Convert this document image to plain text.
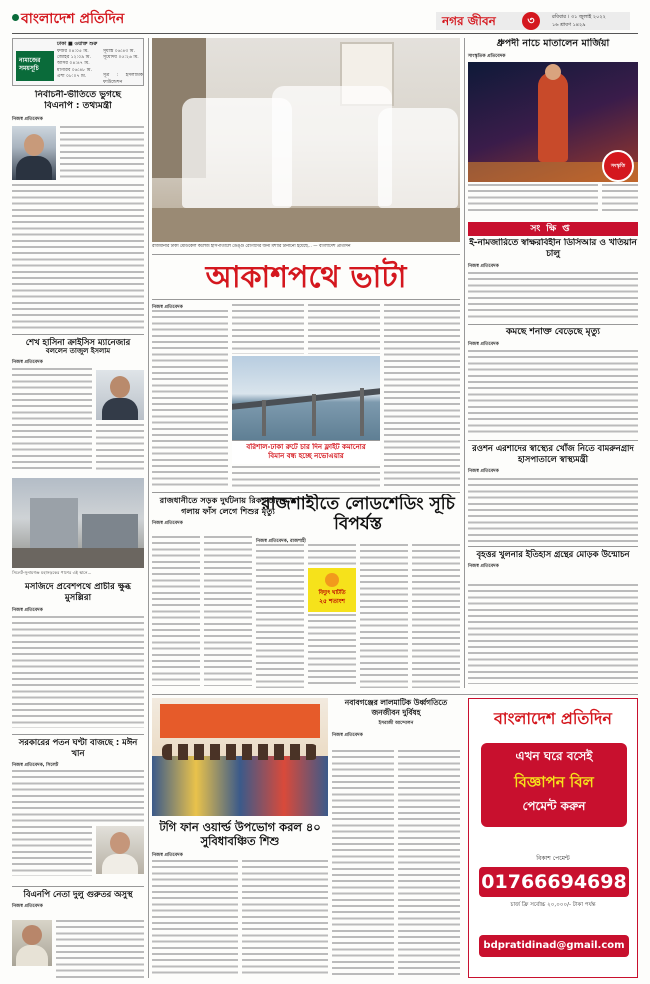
বাংলাদেশ প্রতিদিন	নগর জীবন	৩	রবিবার । ৩১ জুলাই ২০২২
১৬ শ্রাবণ ১৪২৯
ঢাকা ■ ওয়াক্ত শুরু
নামাজের সময়সূচি
ফজর ০৪:০৫ মি.
জোহর ১২:০৯ মি.
আসর ০৪:৪৭ মি.
মাগরিব ০৬:৪৮ মি.
এশা ০৮:০৭ মি.
সূর্যাস্ত ০৬:৪৩ মি.
সূর্যোদয় ০৫:২৬ মি.
সূত্র : ইসলামিক ফাউন্ডেশন
নির্বাচনী-ভীতিতে ভুগছে
বিএনপি : তথ্যমন্ত্রী
নিজস্ব প্রতিবেদক
শেখ হাসিনা ক্রাইসিস ম্যানেজার
বললেন তাজুল ইসলাম
নিজস্ব প্রতিবেদক
সিলেট-সুনামগঞ্জ মহাসড়কের পাশের এই স্থানে...
মসজিদে প্রবেশপথে প্রাচীর ক্ষুব্ধ মুসল্লিরা
নিজস্ব প্রতিবেদক
সরকারের পতন ঘণ্টা বাজছে : মঈন খান
নিজস্ব প্রতিবেদক, সিলেট
বিএনপি নেতা দুলু গুরুতর অসুস্থ
নিজস্ব প্রতিবেদক
রাজধানীর ঢাকা মেডিকেল কলেজ হাসপাতালে ডেঙ্গু রোগীদের জন্য মশারি টানানো হয়েছে... — বাংলাদেশ প্রতিদিন
আকাশপথে ভাটা
নিজস্ব প্রতিবেদক
বরিশাল-ঢাকা রুটে চার দিন ফ্লাইট কমানোর বিমান বন্ধ হচ্ছে নভোএয়ার
রাজধানীতে সড়ক দুর্ঘটনায় রিকশাচালক ও গলায় ফাঁস লেগে শিশুর মৃত্যু
নিজস্ব প্রতিবেদক
রাজশাহীতে লোডশেডিং সূচি বিপর্যস্ত
নিজস্ব প্রতিবেদক, রাজশাহী
বিদ্যুৎ ঘাটতি
২৫ শতাংশ
ধ্রুপদী নাচে মাতালেন মার্জিয়া
সাংস্কৃতিক প্রতিবেদক
সংস্কৃতি
সংক্ষিপ্ত
ই-নামজারিতে স্বাক্ষরবিহীন ডিসিআর ও খতিয়ান চালু
নিজস্ব প্রতিবেদক
কমছে শনাক্ত বেড়েছে মৃত্যু
নিজস্ব প্রতিবেদক
রওশন এরশাদের স্বাস্থ্যের খোঁজ নিতে বামরুনগ্রাদ হাসপাতালে স্বাস্থ্যমন্ত্রী
নিজস্ব প্রতিবেদক
বৃহত্তর খুলনার ইতিহাস গ্রন্থের মোড়ক উন্মোচন
নিজস্ব প্রতিবেদক
নবাবগঞ্জের লালমাটিক উর্ধ্বগতিতে জনজীবন দুর্বিষহ
ইসরাজী আন্দোলন
নিজস্ব প্রতিবেদক
টগি ফান ওয়ার্ল্ড উপভোগ করল ৪০ সুবিধাবঞ্চিত শিশু
নিজস্ব প্রতিবেদক
বাংলাদেশ প্রতিদিন
এখন ঘরে বসেই
বিজ্ঞাপন বিল
পেমেন্ট করুন
বিকাশ পেমেন্ট
01766694698
চার্জ ফ্রি সর্বোচ্চ ২০,০০০/- টাকা পর্যন্ত
bdpratidinad@gmail.com
